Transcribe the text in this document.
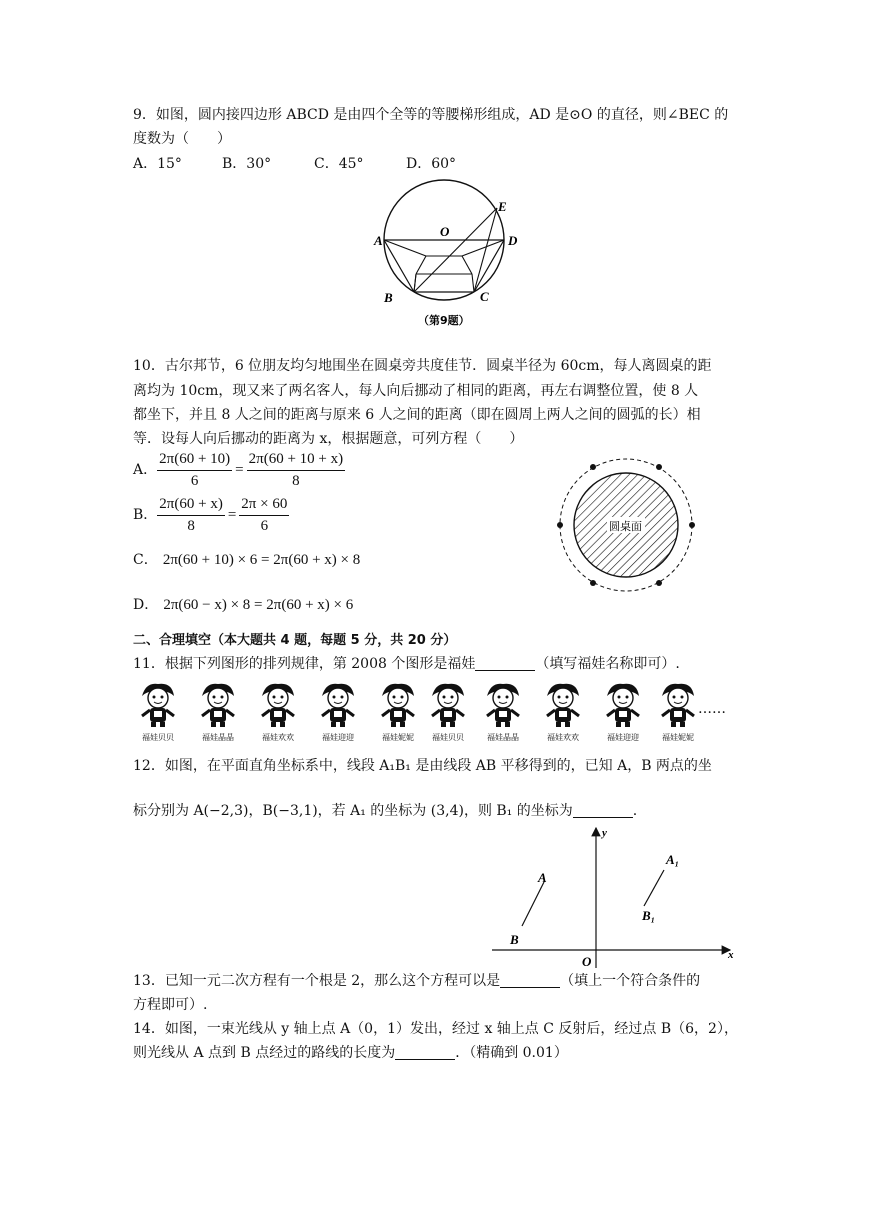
9．如图，圆内接四边形 ABCD 是由四个全等的等腰梯形组成，AD 是⊙O 的直径，则∠BEC 的
度数为（　　）
A．15°	B．30°	C．45°	D．60°
A
B	C
D
E
O
（第9题）
10．古尔邦节，6 位朋友均匀地围坐在圆桌旁共度佳节．圆桌半径为 60cm，每人离圆桌的距
离均为 10cm，现又来了两名客人，每人向后挪动了相同的距离，再左右调整位置，使 8 人
都坐下，并且 8 人之间的距离与原来 6 人之间的距离（即在圆周上两人之间的圆弧的长）相
等．设每人向后挪动的距离为 x，根据题意，可列方程（　　）
A． $\frac{2\pi(60 + 10)}{6} = \frac{2\pi(60 + 10 + x)}{8}$
B． $\frac{2\pi(60 + x)}{8} = \frac{2\pi \times 60}{6}$
C． 2π(60 + 10) × 6 = 2π(60 + x) × 8
D． 2π(60 − x) × 8 = 2π(60 + x) × 6
圆桌面
二、合理填空（本大题共 4 题，每题 5 分，共 20 分）
11．根据下列图形的排列规律，第 2008 个图形是福娃	（填写福娃名称即可）.
福娃贝贝	福娃晶晶	福娃欢欢	福娃迎迎	福娃妮妮	福娃贝贝	福娃晶晶	福娃欢欢	福娃迎迎	福娃妮妮
……
12．如图，在平面直角坐标系中，线段 A₁B₁ 是由线段 AB 平移得到的，已知 A，B 两点的坐
标分别为 A(−2,3)，B(−3,1)，若 A₁ 的坐标为 (3,4)，则 B₁ 的坐标为	.
A
B
A₁
B₁
O	x
y
13．已知一元二次方程有一个根是 2，那么这个方程可以是	（填上一个符合条件的
方程即可）.
14．如图，一束光线从 y 轴上点 A（0，1）发出，经过 x 轴上点 C 反射后，经过点 B（6，2），
则光线从 A 点到 B 点经过的路线的长度为	．（精确到 0.01）
